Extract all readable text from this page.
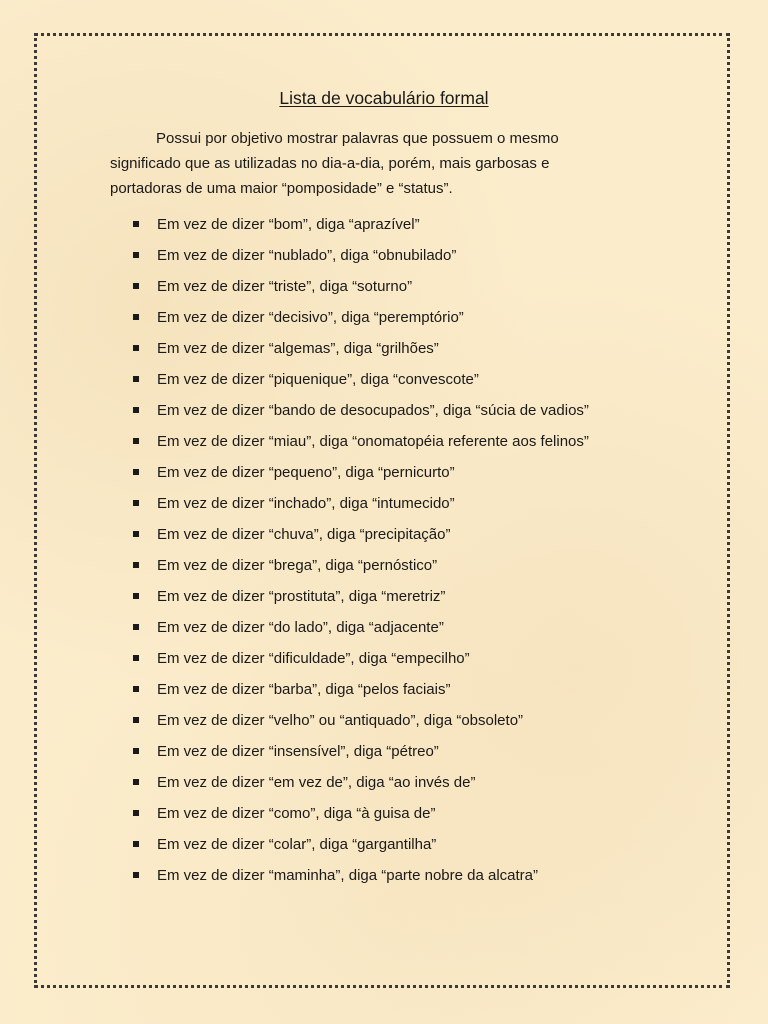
Lista de vocabulário formal

Possui por objetivo mostrar palavras que possuem o mesmo significado que as utilizadas no dia-a-dia, porém, mais garbosas e portadoras de uma maior “pomposidade” e “status”.

Em vez de dizer “bom”, diga “aprazível”
Em vez de dizer “nublado”, diga “obnubilado”
Em vez de dizer “triste”, diga “soturno”
Em vez de dizer “decisivo”, diga “peremptório”
Em vez de dizer “algemas”, diga “grilhões”
Em vez de dizer “piquenique”, diga “convescote”
Em vez de dizer “bando de desocupados”, diga “súcia de vadios”
Em vez de dizer “miau”, diga “onomatopéia referente aos felinos”
Em vez de dizer “pequeno”, diga “pernicurto”
Em vez de dizer “inchado”, diga “intumecido”
Em vez de dizer “chuva”, diga “precipitação”
Em vez de dizer “brega”, diga “pernóstico”
Em vez de dizer “prostituta”, diga “meretriz”
Em vez de dizer “do lado”, diga “adjacente”
Em vez de dizer “dificuldade”, diga “empecilho”
Em vez de dizer “barba”, diga “pelos faciais”
Em vez de dizer “velho” ou “antiquado”, diga “obsoleto”
Em vez de dizer “insensível”, diga “pétreo”
Em vez de dizer “em vez de”, diga “ao invés de”
Em vez de dizer “como”, diga “à guisa de”
Em vez de dizer “colar”, diga “gargantilha”
Em vez de dizer “maminha”, diga “parte nobre da alcatra”
